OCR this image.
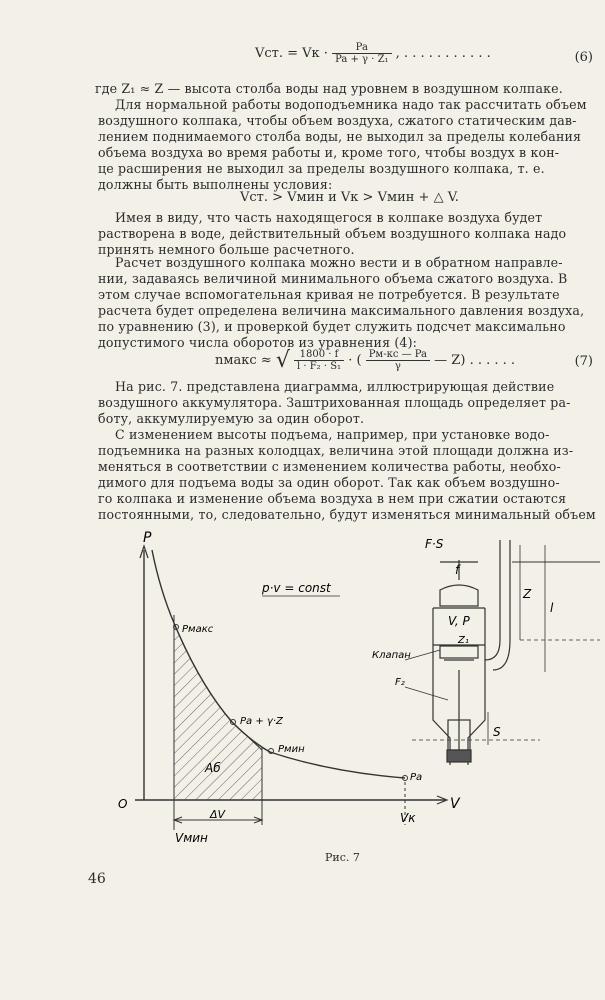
Vст. = Vк · $\frac{Pa}{\text{Pa + γ · Z₁}}$ , . . . . . . . . . . .	(6)
где Z₁ ≈ Z — высота столба воды над уровнем в воздушном колпаке.
Для нормальной работы водоподъемника надо так рассчитать объем
воздушного колпака, чтобы объем воздуха, сжатого статическим дав-
лением поднимаемого столба воды, не выходил за пределы колебания
объема воздуха во время работы и, кроме того, чтобы воздух в кон-
це расширения не выходил за пределы воздушного колпака, т. е.
должны быть выполнены условия:
Vст. > Vмин и Vк > Vмин + △ V.
Имея в виду, что часть находящегося в колпаке воздуха будет
растворена в воде, действительный объем воздушного колпака надо
принять немного больше расчетного.
Расчет воздушного колпака можно вести и в обратном направле-
нии, задаваясь величиной минимального объема сжатого воздуха. В
этом случае вспомогательная кривая не потребуется. В результате
расчета будет определена величина максимального давления воздуха,
по уравнению (3), и проверкой будет служить подсчет максимально
допустимого числа оборотов из уравнения (4):
nмакс ≈ √ $\frac{1800 \cdot f}{\text{l · F₂ · S₁}}$ · ( $\frac{Pм-кс — Pa}{\gamma}$ — Z) . . . . . .	(7)
На рис. 7. представлена диаграмма, иллюстрирующая действие
воздушного аккумулятора. Заштрихованная площадь определяет ра-
боту, аккумулируемую за один оборот.
С изменением высоты подъема, например, при установке водо-
подъемника на разных колодцах, величина этой площади должна из-
меняться в соответствии с изменением количества работы, необхо-
димого для подъема воды за один оборот. Так как объем воздушно-
го колпака и изменение объема воздуха в нем при сжатии остаются
постоянными, то, следовательно, будут изменяться минимальный объем
P
V
O
p·v = const
Pмакс
Pa + γ·Z
Pмин
Pa
Aб
ΔV
Vмин
Vк
F·S
f
V, P
Z₁
Клапан
F₂
S
Z
l
Рис. 7
46
